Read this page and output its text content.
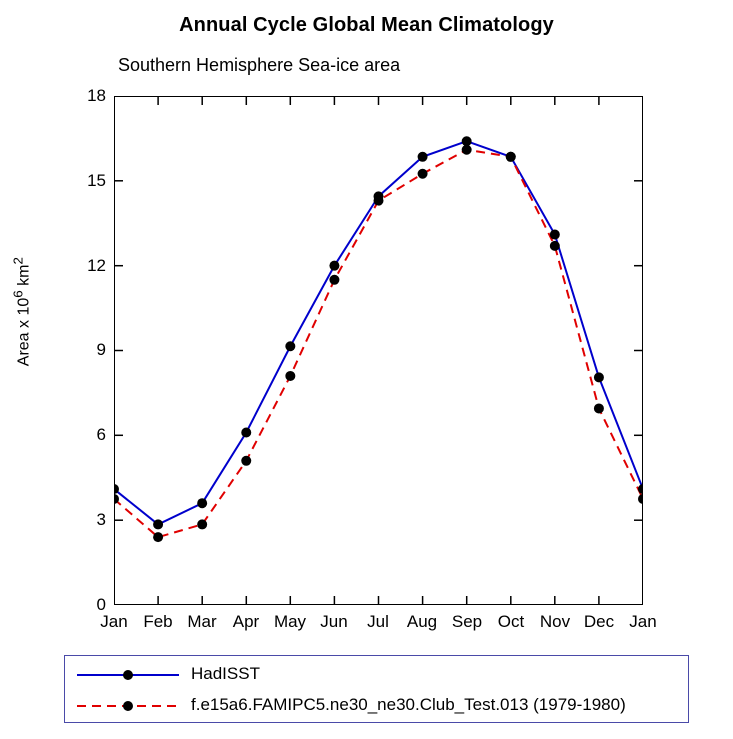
Annual Cycle Global Mean Climatology
Southern Hemisphere Sea-ice area
18
15
12
9
6
3
0
Area x $10^6$ $km^2$
Jan Feb Mar Apr May Jun	Jul	Aug Sep Oct Nov Dec Jan
HadISST
f.e15a6.FAMIPC5.ne30_ne30.Club_Test.013 (1979-1980)
